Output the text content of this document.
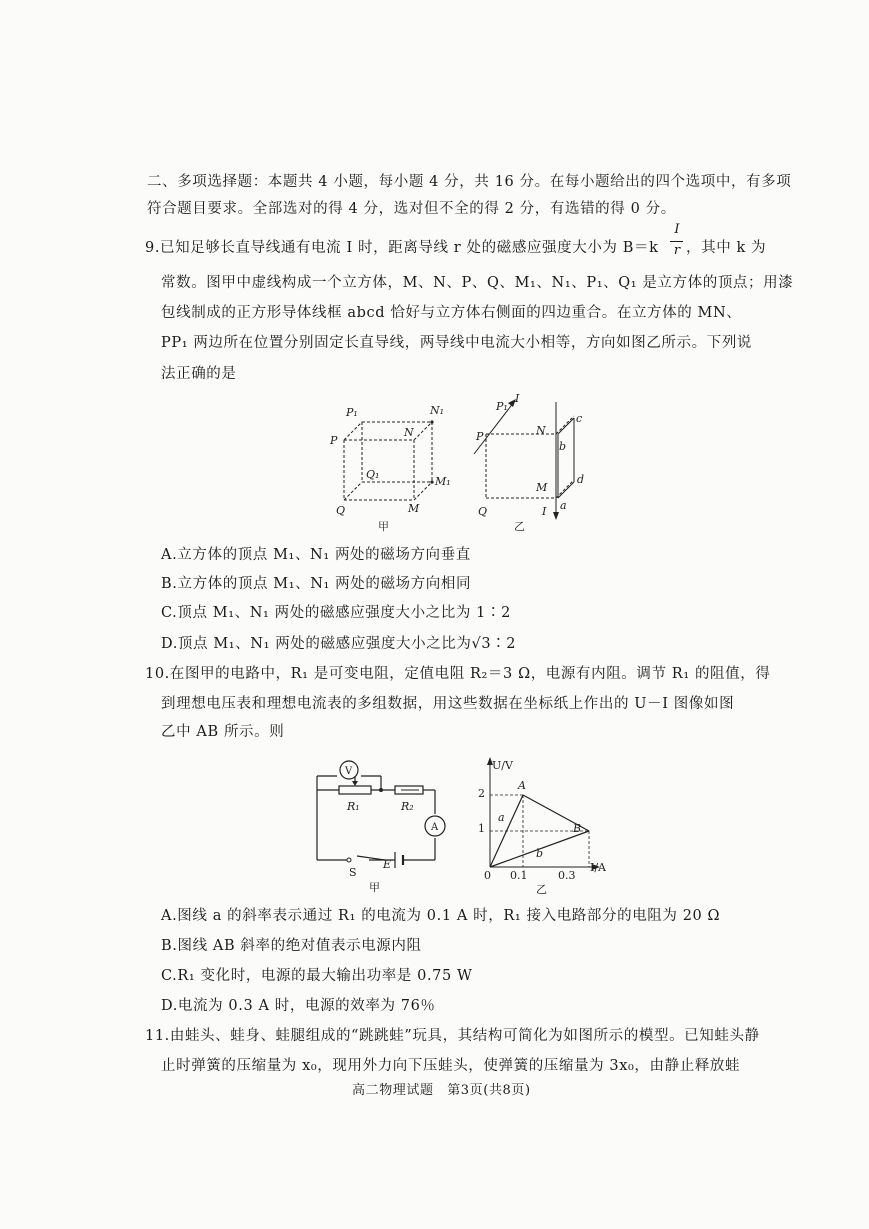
二、多项选择题：本题共 4 小题，每小题 4 分，共 16 分。在每小题给出的四个选项中，有多项
符合题目要求。全部选对的得 4 分，选对但不全的得 2 分，有选错的得 0 分。
9.已知足够长直导线通有电流 I 时，距离导线 r 处的磁感应强度大小为 B＝k
I
r ，其中 k 为
常数。图甲中虚线构成一个立方体，M、N、P、Q、M₁、N₁、P₁、Q₁ 是立方体的顶点；用漆
包线制成的正方形导体线框 abcd 恰好与立方体右侧面的四边重合。在立方体的 MN、
PP₁ 两边所在位置分别固定长直导线，两导线中电流大小相等，方向如图乙所示。下列说
法正确的是
P₁	N₁
P
N
Q₁
M₁
Q	M
甲
P₁
I
c
P	N
b
d
M
Q	I a
乙
A.立方体的顶点 M₁、N₁ 两处的磁场方向垂直
B.立方体的顶点 M₁、N₁ 两处的磁场方向相同
C.顶点 M₁、N₁ 两处的磁感应强度大小之比为 1∶2
D.顶点 M₁、N₁ 两处的磁感应强度大小之比为√3∶2
10.在图甲的电路中，R₁ 是可变电阻，定值电阻 R₂＝3 Ω，电源有内阻。调节 R₁ 的阻值，得
到理想电压表和理想电流表的多组数据，用这些数据在坐标纸上作出的 U－I 图像如图
乙中 AB 所示。则
V
A
R₁	R₂
S
E
甲
U/V
I/A
2
1
0 0.1	0.3
A
B
a
b
乙
A.图线 a 的斜率表示通过 R₁ 的电流为 0.1 A 时，R₁ 接入电路部分的电阻为 20 Ω
B.图线 AB 斜率的绝对值表示电源内阻
C.R₁ 变化时，电源的最大输出功率是 0.75 W
D.电流为 0.3 A 时，电源的效率为 76％
11.由蛙头、蛙身、蛙腿组成的“跳跳蛙”玩具，其结构可简化为如图所示的模型。已知蛙头静
止时弹簧的压缩量为 x₀，现用外力向下压蛙头，使弹簧的压缩量为 3x₀，由静止释放蛙
高二物理试题　第3页(共8页)
